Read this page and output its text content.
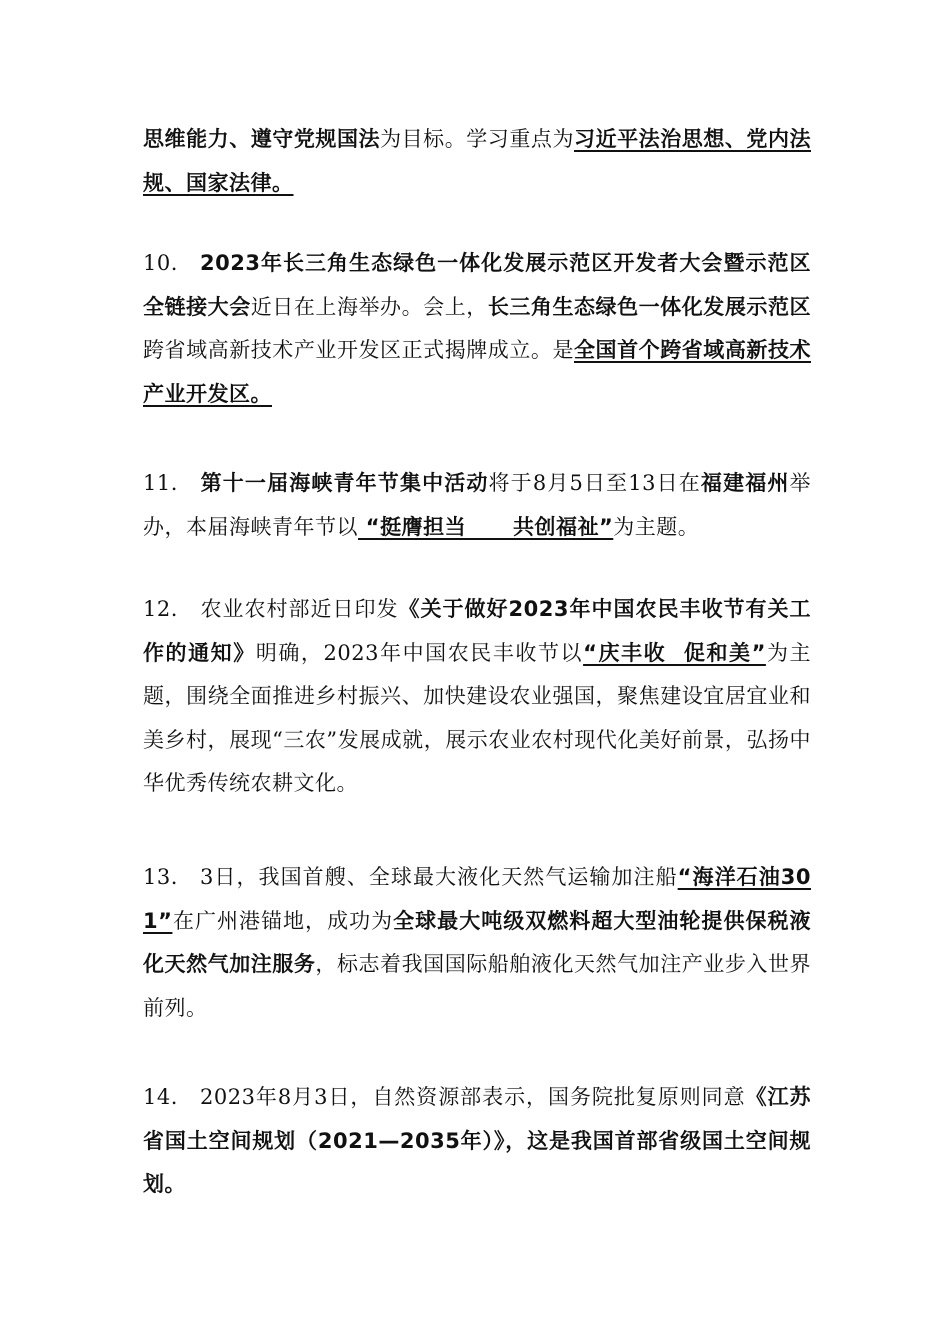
思维能力、遵守党规国法为目标。学习重点为习近平法治思想、党内法规、国家法律。
10. 2023年长三角生态绿色一体化发展示范区开发者大会暨示范区全链接大会近日在上海举办。会上，长三角生态绿色一体化发展示范区跨省域高新技术产业开发区正式揭牌成立。是全国首个跨省域高新技术产业开发区。
11. 第十一届海峡青年节集中活动将于8月5日至13日在福建福州举办，本届海峡青年节以 “挺膺担当      共创福祉”为主题。
12. 农业农村部近日印发《关于做好2023年中国农民丰收节有关工作的通知》明确，2023年中国农民丰收节以“庆丰收  促和美”为主题，围绕全面推进乡村振兴、加快建设农业强国，聚焦建设宜居宜业和美乡村，展现“三农”发展成就，展示农业农村现代化美好前景，弘扬中华优秀传统农耕文化。
13. 3日，我国首艘、全球最大液化天然气运输加注船“海洋石油301”在广州港锚地，成功为全球最大吨级双燃料超大型油轮提供保税液化天然气加注服务，标志着我国国际船舶液化天然气加注产业步入世界前列。
14. 2023年8月3日，自然资源部表示，国务院批复原则同意《江苏省国土空间规划（2021—2035年）》，这是我国首部省级国土空间规划。
